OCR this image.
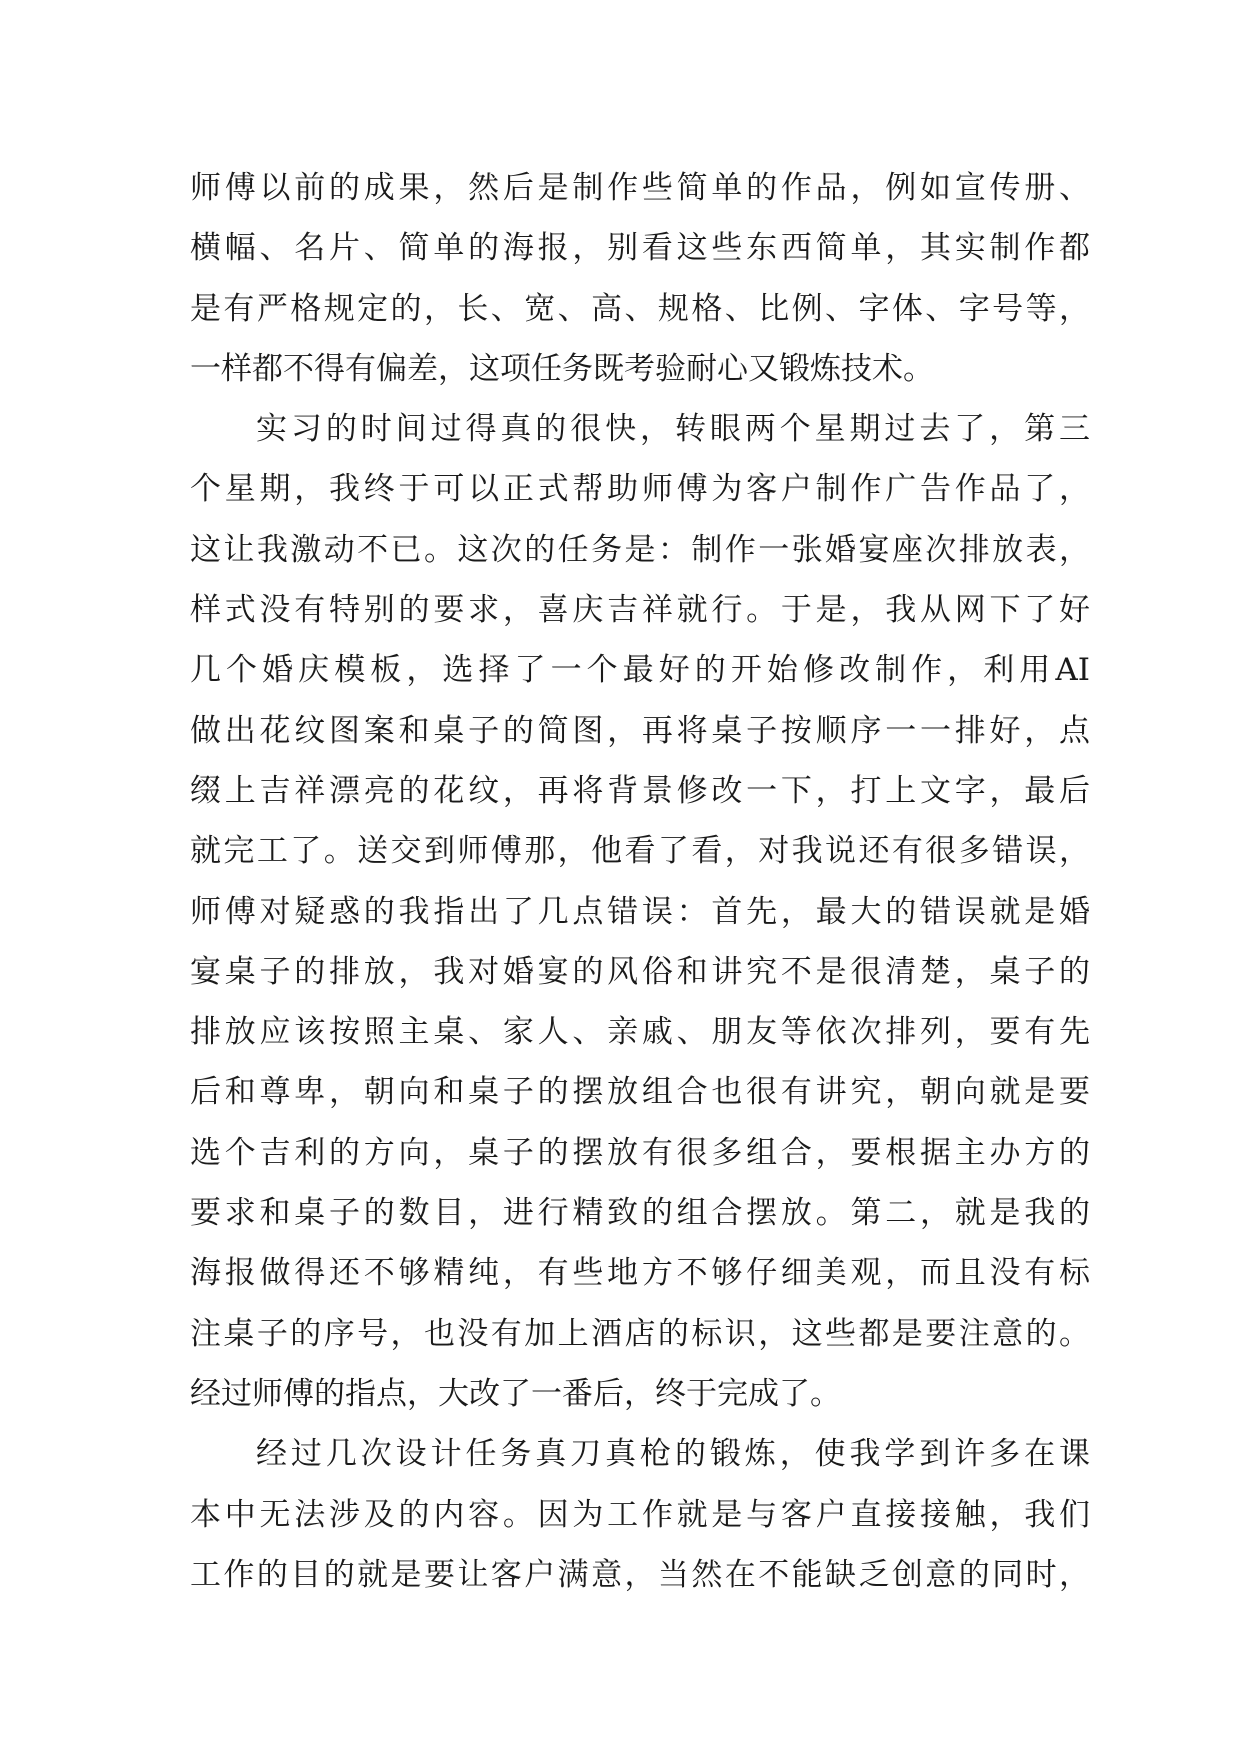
师傅以前的成果，然后是制作些简单的作品，例如宣传册、
横幅、名片、简单的海报，别看这些东西简单，其实制作都
是有严格规定的，长、宽、高、规格、比例、字体、字号等，
一样都不得有偏差，这项任务既考验耐心又锻炼技术。
实习的时间过得真的很快，转眼两个星期过去了，第三
个星期，我终于可以正式帮助师傅为客户制作广告作品了，
这让我激动不已。这次的任务是：制作一张婚宴座次排放表，
样式没有特别的要求，喜庆吉祥就行。于是，我从网下了好
几个婚庆模板，选择了一个最好的开始修改制作，利用AI
做出花纹图案和桌子的简图，再将桌子按顺序一一排好，点
缀上吉祥漂亮的花纹，再将背景修改一下，打上文字，最后
就完工了。送交到师傅那，他看了看，对我说还有很多错误，
师傅对疑惑的我指出了几点错误：首先，最大的错误就是婚
宴桌子的排放，我对婚宴的风俗和讲究不是很清楚，桌子的
排放应该按照主桌、家人、亲戚、朋友等依次排列，要有先
后和尊卑，朝向和桌子的摆放组合也很有讲究，朝向就是要
选个吉利的方向，桌子的摆放有很多组合，要根据主办方的
要求和桌子的数目，进行精致的组合摆放。第二，就是我的
海报做得还不够精纯，有些地方不够仔细美观，而且没有标
注桌子的序号，也没有加上酒店的标识，这些都是要注意的。
经过师傅的指点，大改了一番后，终于完成了。
经过几次设计任务真刀真枪的锻炼，使我学到许多在课
本中无法涉及的内容。因为工作就是与客户直接接触，我们
工作的目的就是要让客户满意，当然在不能缺乏创意的同时，
